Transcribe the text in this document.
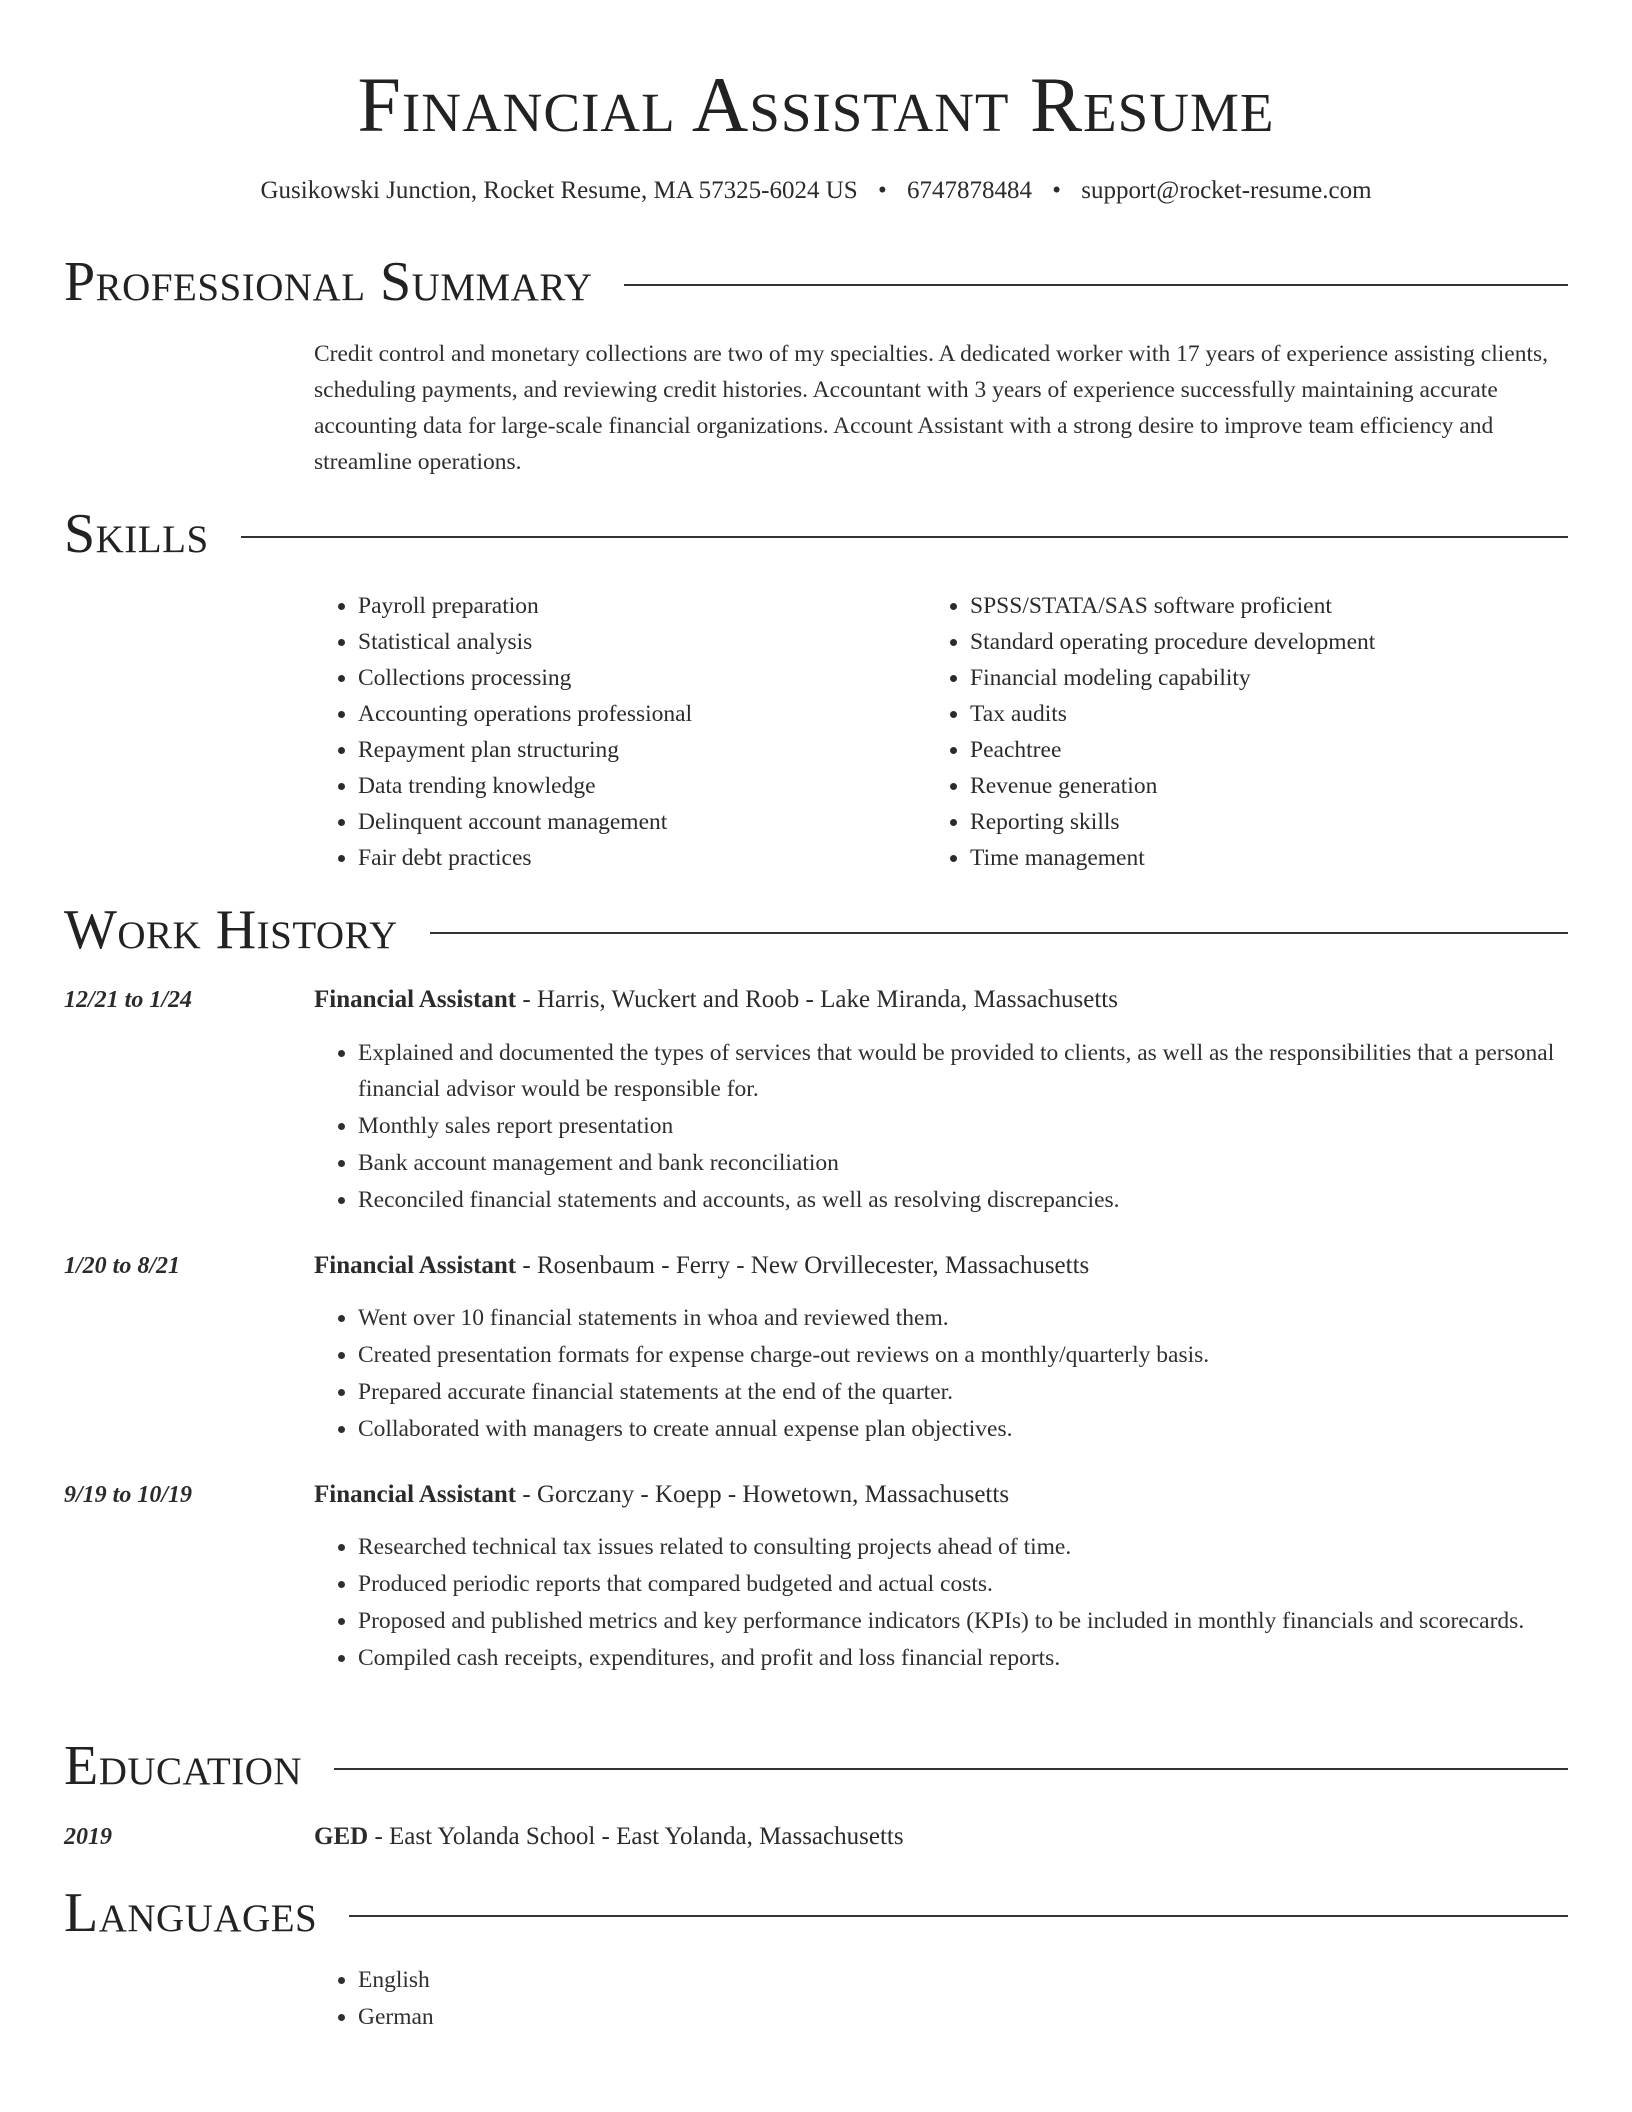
Financial Assistant Resume
Gusikowski Junction, Rocket Resume, MA 57325-6024 US • 6747878484 • support@rocket-resume.com
Professional Summary
Credit control and monetary collections are two of my specialties. A dedicated worker with 17 years of experience assisting clients, scheduling payments, and reviewing credit histories. Accountant with 3 years of experience successfully maintaining accurate accounting data for large-scale financial organizations. Account Assistant with a strong desire to improve team efficiency and streamline operations.
Skills
• Payroll preparation
• Statistical analysis
• Collections processing
• Accounting operations professional
• Repayment plan structuring
• Data trending knowledge
• Delinquent account management
• Fair debt practices
• SPSS/STATA/SAS software proficient
• Standard operating procedure development
• Financial modeling capability
• Tax audits
• Peachtree
• Revenue generation
• Reporting skills
• Time management
Work History
12/21 to 1/24	Financial Assistant - Harris, Wuckert and Roob - Lake Miranda, Massachusetts
• Explained and documented the types of services that would be provided to clients, as well as the responsibilities that a personal financial advisor would be responsible for.
• Monthly sales report presentation
• Bank account management and bank reconciliation
• Reconciled financial statements and accounts, as well as resolving discrepancies.
1/20 to 8/21	Financial Assistant - Rosenbaum - Ferry - New Orvillecester, Massachusetts
• Went over 10 financial statements in whoa and reviewed them.
• Created presentation formats for expense charge-out reviews on a monthly/quarterly basis.
• Prepared accurate financial statements at the end of the quarter.
• Collaborated with managers to create annual expense plan objectives.
9/19 to 10/19	Financial Assistant - Gorczany - Koepp - Howetown, Massachusetts
• Researched technical tax issues related to consulting projects ahead of time.
• Produced periodic reports that compared budgeted and actual costs.
• Proposed and published metrics and key performance indicators (KPIs) to be included in monthly financials and scorecards.
• Compiled cash receipts, expenditures, and profit and loss financial reports.
Education
2019	GED - East Yolanda School - East Yolanda, Massachusetts
Languages
• English
• German
